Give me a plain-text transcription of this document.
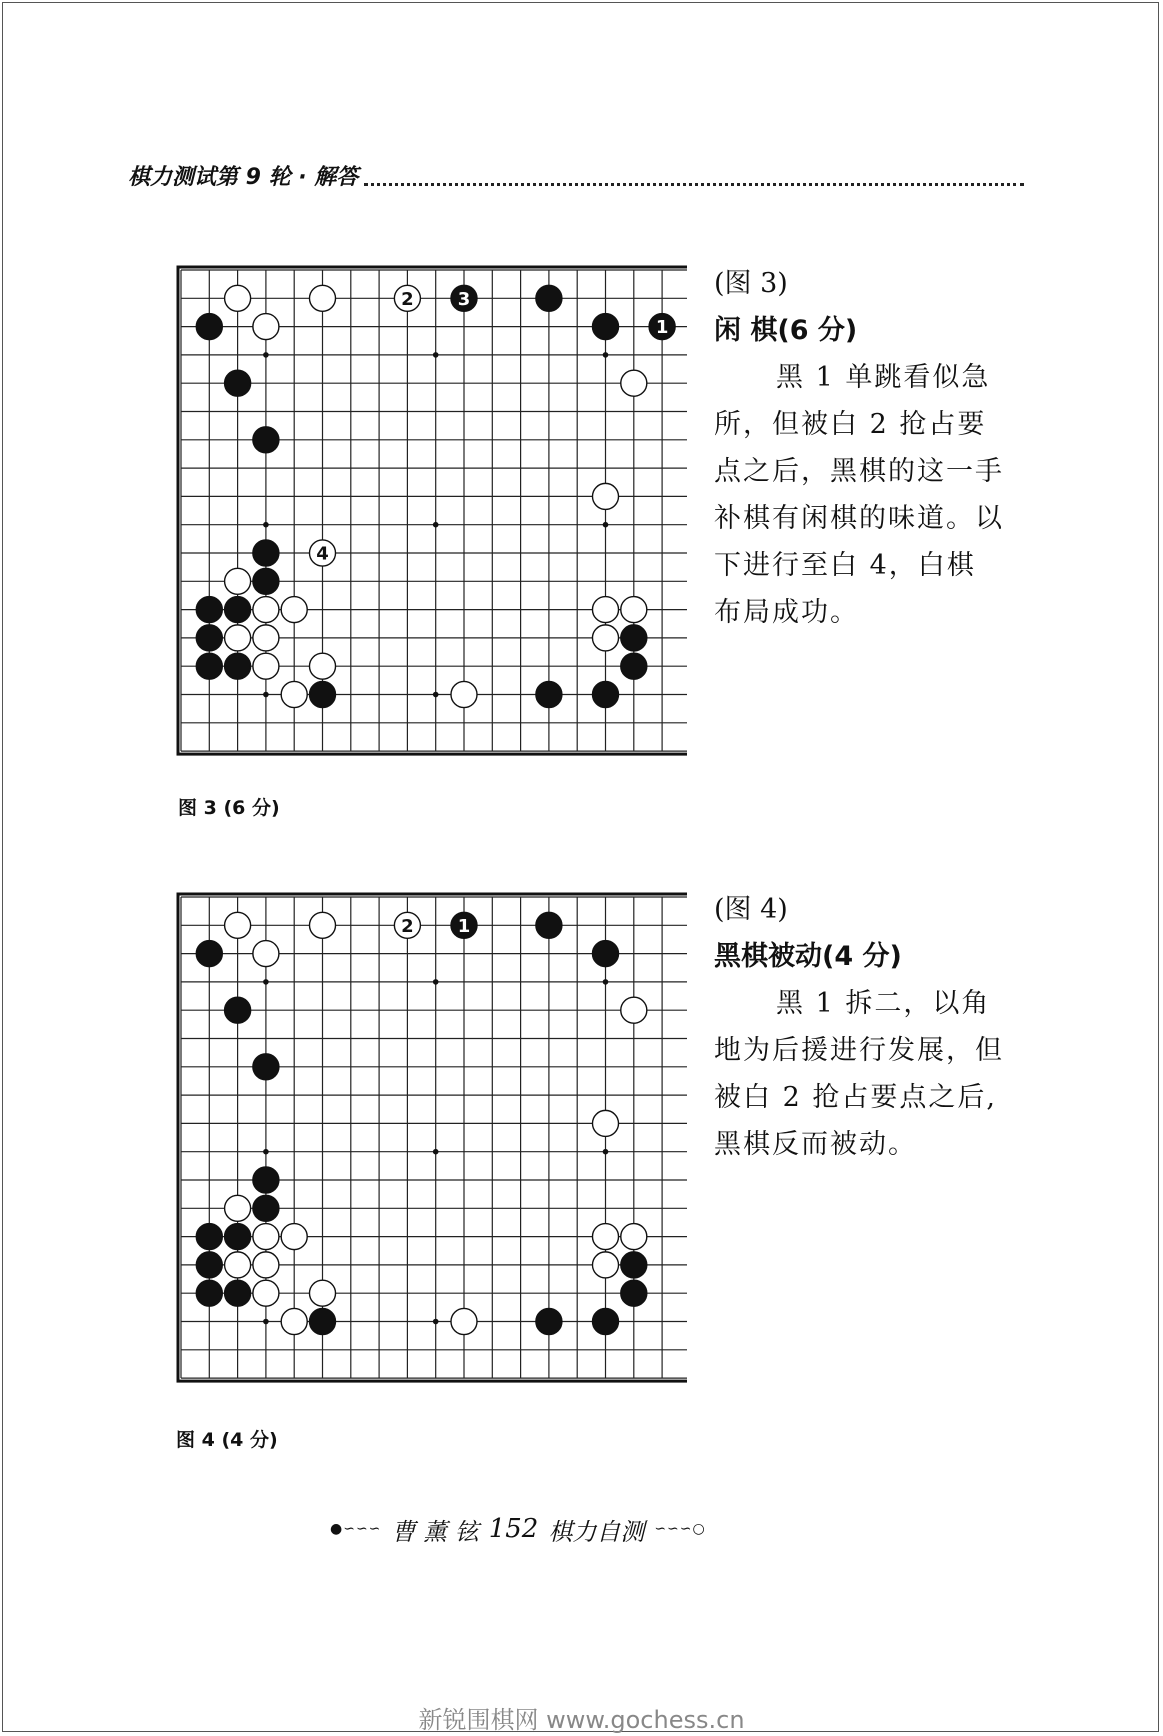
棋力测试第 9 轮 · 解答
2 3
1
4
图 3 (6 分)
(图 3)
闲 棋(6 分)
黑 1 单跳看似急所，但被白 2 抢占要点之后，黑棋的这一手补棋有闲棋的味道。以下进行至白 4，白棋布局成功。
2 1
图 4 (4 分)
(图 4)
黑棋被动(4 分)
黑 1 拆二，以角地为后援进行发展，但被白 2 抢占要点之后,黑棋反而被动。
●∽∽∽ 曹 薰 铉 152 棋力自测 ∽∽∽○
新锐围棋网 www.gochess.cn
